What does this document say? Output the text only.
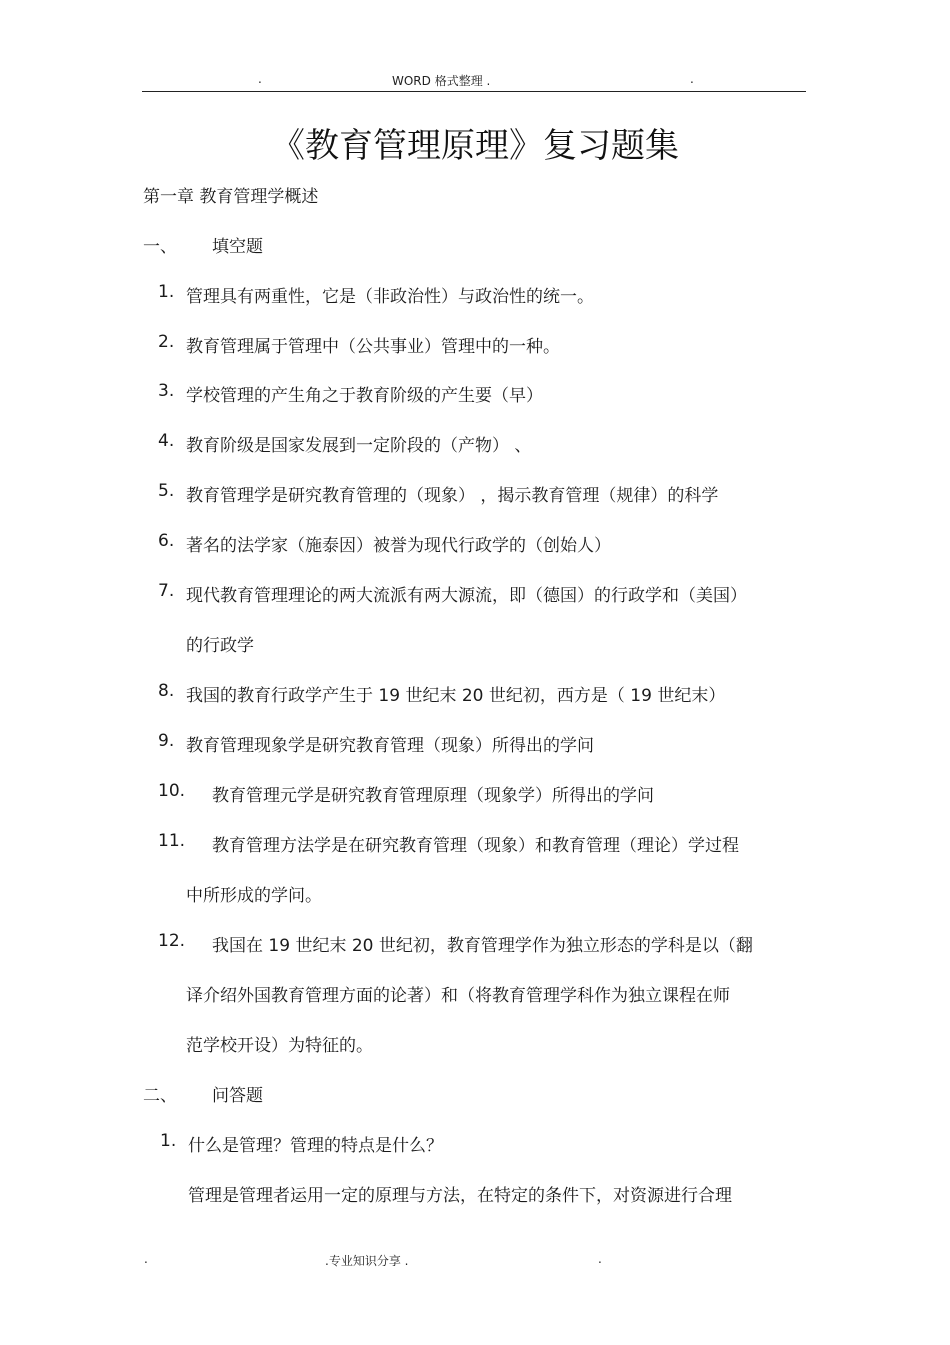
.	WORD 格式整理 .	.
《教育管理原理》复习题集
第一章 教育管理学概述
一、 填空题
1. 管理具有两重性，它是（非政治性）与政治性的统一。
2. 教育管理属于管理中（公共事业）管理中的一种。
3. 学校管理的产生角之于教育阶级的产生要（早）
4. 教育阶级是国家发展到一定阶段的（产物） 、
5. 教育管理学是研究教育管理的（现象） ，揭示教育管理（规律）的科学
6. 著名的法学家（施泰因）被誉为现代行政学的（创始人）
7. 现代教育管理理论的两大流派有两大源流，即（德国）的行政学和（美国）
的行政学
8. 我国的教育行政学产生于 19 世纪末 20 世纪初，西方是（ 19 世纪末）
9. 教育管理现象学是研究教育管理（现象）所得出的学问
10. 教育管理元学是研究教育管理原理（现象学）所得出的学问
11. 教育管理方法学是在研究教育管理（现象）和教育管理（理论）学过程
中所形成的学问。
12. 我国在 19 世纪末 20 世纪初，教育管理学作为独立形态的学科是以（翻
译介绍外国教育管理方面的论著）和（将教育管理学科作为独立课程在师
范学校开设）为特征的。
二、 问答题
1. 什么是管理？管理的特点是什么？
管理是管理者运用一定的原理与方法，在特定的条件下，对资源进行合理
.	.专业知识分享 .	.
